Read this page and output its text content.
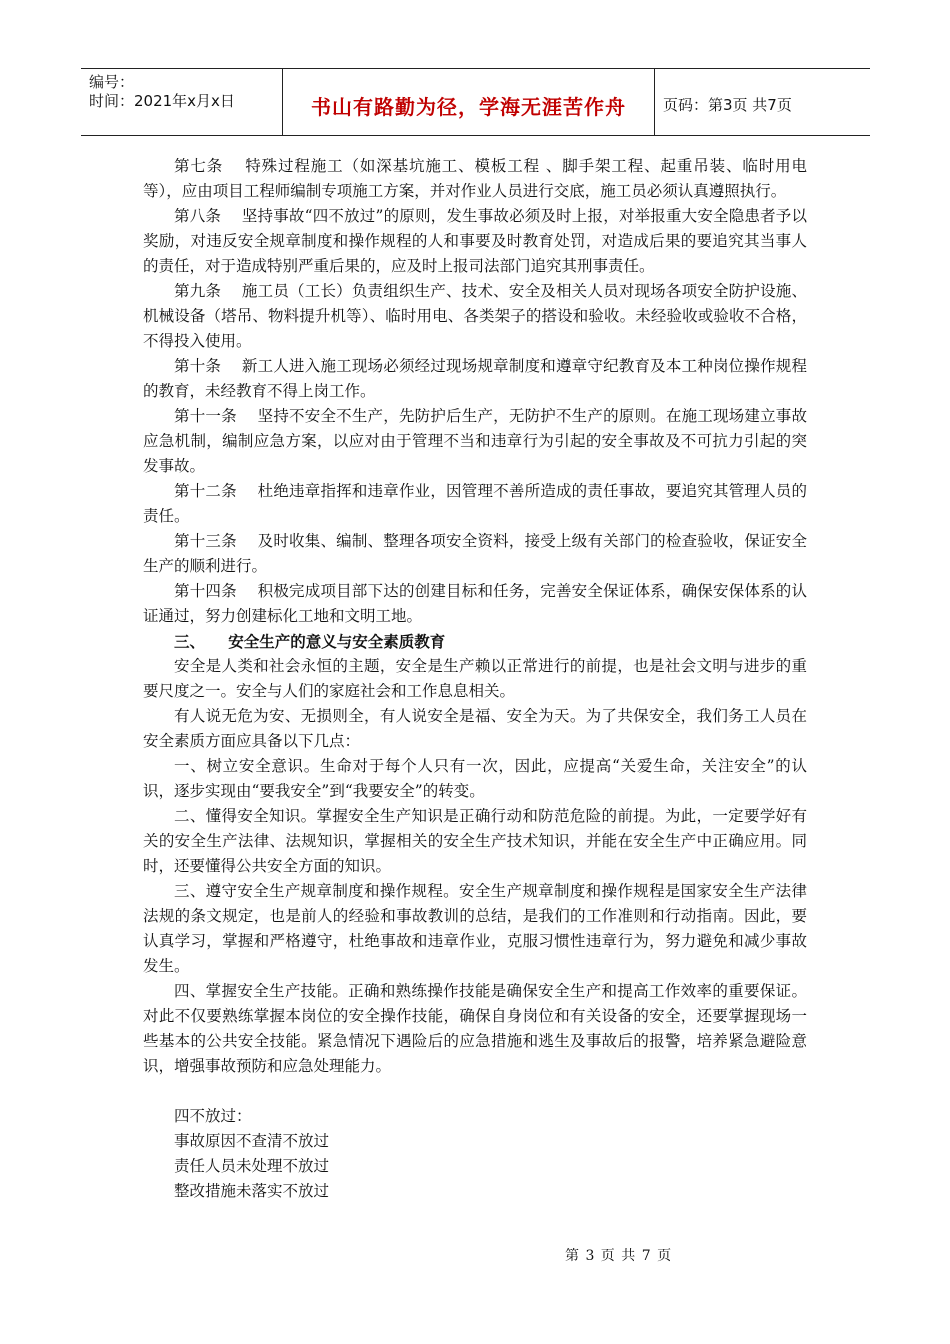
编号：
时间：2021年x月x日	书山有路勤为径，学海无涯苦作舟	页码：第3页 共7页

第七条　 特殊过程施工（如深基坑施工、模板工程 、脚手架工程、起重吊装、临时用电等），应由项目工程师编制专项施工方案，并对作业人员进行交底，施工员必须认真遵照执行。

第八条　 坚持事故“四不放过”的原则，发生事故必须及时上报，对举报重大安全隐患者予以奖励，对违反安全规章制度和操作规程的人和事要及时教育处罚，对造成后果的要追究其当事人的责任，对于造成特别严重后果的，应及时上报司法部门追究其刑事责任。

第九条　 施工员（工长）负责组织生产、技术、安全及相关人员对现场各项安全防护设施、机械设备（塔吊、物料提升机等）、临时用电、各类架子的搭设和验收。未经验收或验收不合格，不得投入使用。

第十条　 新工人进入施工现场必须经过现场规章制度和遵章守纪教育及本工种岗位操作规程的教育，未经教育不得上岗工作。

第十一条　 坚持不安全不生产，先防护后生产，无防护不生产的原则。在施工现场建立事故应急机制，编制应急方案，以应对由于管理不当和违章行为引起的安全事故及不可抗力引起的突发事故。

第十二条　 杜绝违章指挥和违章作业，因管理不善所造成的责任事故，要追究其管理人员的责任。

第十三条　 及时收集、编制、整理各项安全资料，接受上级有关部门的检查验收，保证安全生产的顺利进行。

第十四条　 积极完成项目部下达的创建目标和任务，完善安全保证体系，确保安保体系的认证通过，努力创建标化工地和文明工地。

三、　　安全生产的意义与安全素质教育

安全是人类和社会永恒的主题，安全是生产赖以正常进行的前提，也是社会文明与进步的重要尺度之一。安全与人们的家庭社会和工作息息相关。

有人说无危为安、无损则全，有人说安全是福、安全为天。为了共保安全，我们务工人员在安全素质方面应具备以下几点：

一、树立安全意识。生命对于每个人只有一次，因此，应提高“关爱生命，关注安全”的认识，逐步实现由“要我安全”到“我要安全”的转变。

二、懂得安全知识。掌握安全生产知识是正确行动和防范危险的前提。为此，一定要学好有关的安全生产法律、法规知识，掌握相关的安全生产技术知识，并能在安全生产中正确应用。同时，还要懂得公共安全方面的知识。

三、遵守安全生产规章制度和操作规程。安全生产规章制度和操作规程是国家安全生产法律法规的条文规定，也是前人的经验和事故教训的总结，是我们的工作准则和行动指南。因此，要认真学习，掌握和严格遵守，杜绝事故和违章作业，克服习惯性违章行为，努力避免和减少事故发生。

四、掌握安全生产技能。正确和熟练操作技能是确保安全生产和提高工作效率的重要保证。对此不仅要熟练掌握本岗位的安全操作技能，确保自身岗位和有关设备的安全，还要掌握现场一些基本的公共安全技能。紧急情况下遇险后的应急措施和逃生及事故后的报警，培养紧急避险意识，增强事故预防和应急处理能力。

四不放过：

事故原因不查清不放过

责任人员未处理不放过

整改措施未落实不放过

第 3 页 共 7 页
